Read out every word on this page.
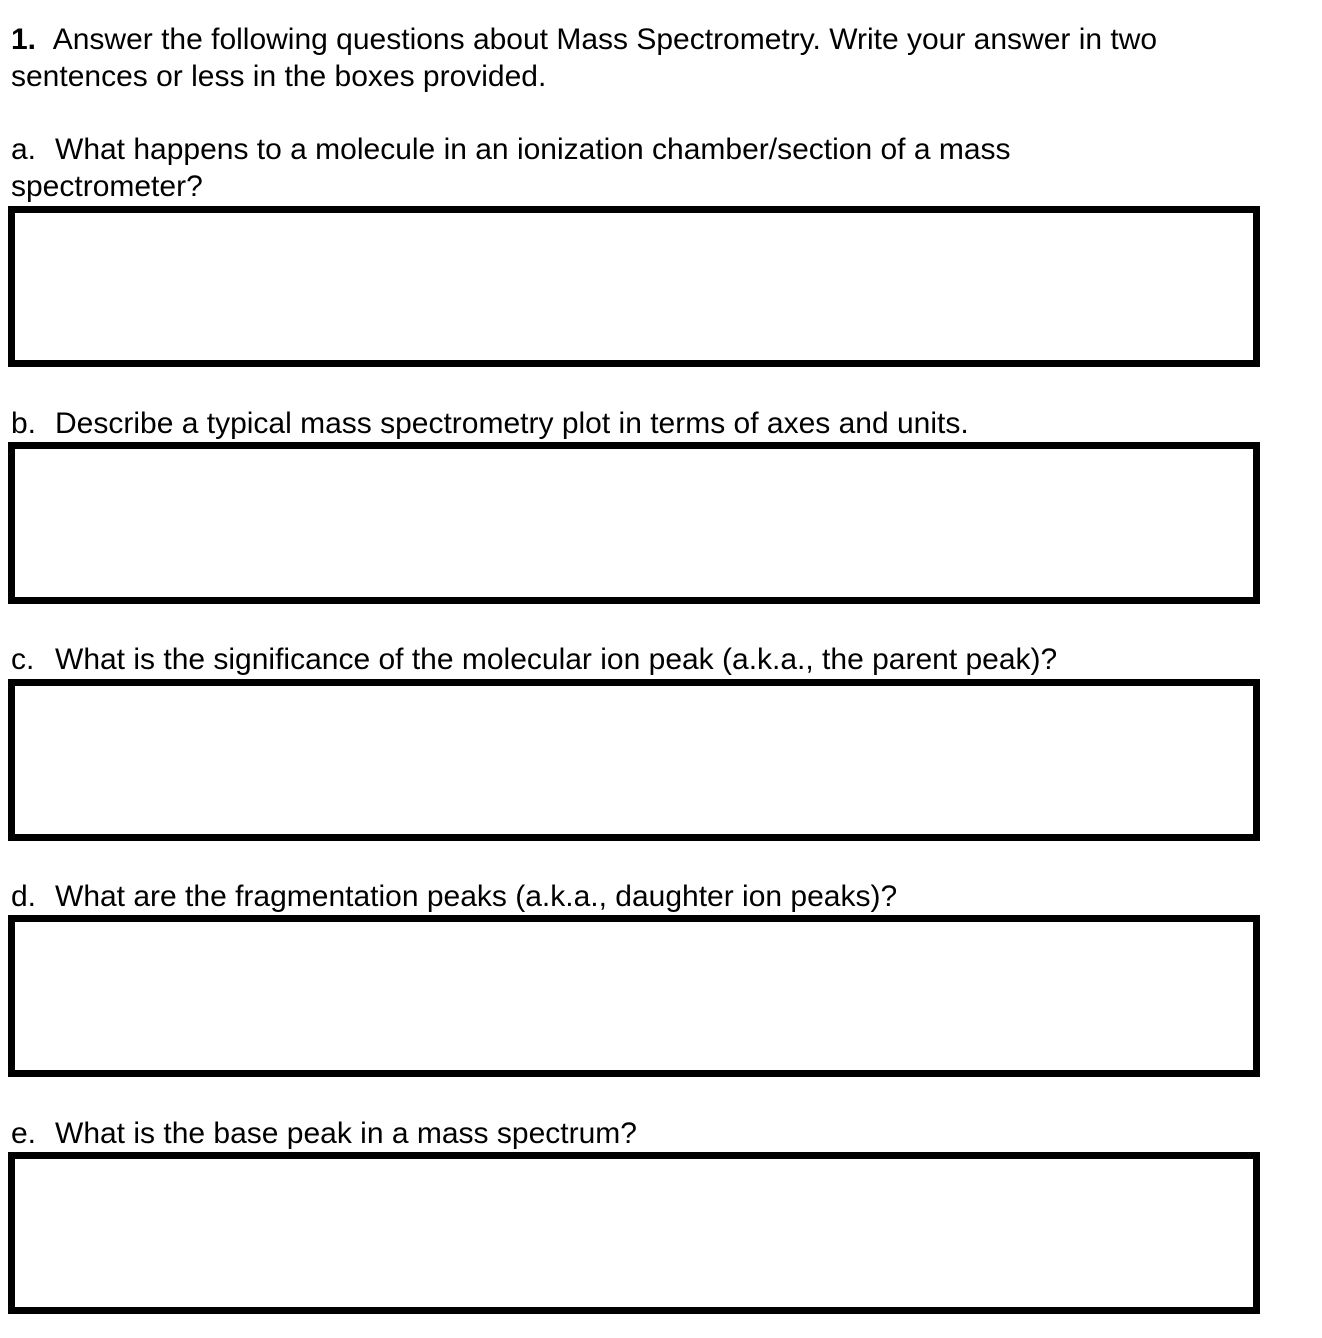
1. Answer the following questions about Mass Spectrometry. Write your answer in two
sentences or less in the boxes provided.

a. What happens to a molecule in an ionization chamber/section of a mass
spectrometer?

b. Describe a typical mass spectrometry plot in terms of axes and units.

c. What is the significance of the molecular ion peak (a.k.a., the parent peak)?

d. What are the fragmentation peaks (a.k.a., daughter ion peaks)?

e. What is the base peak in a mass spectrum?
